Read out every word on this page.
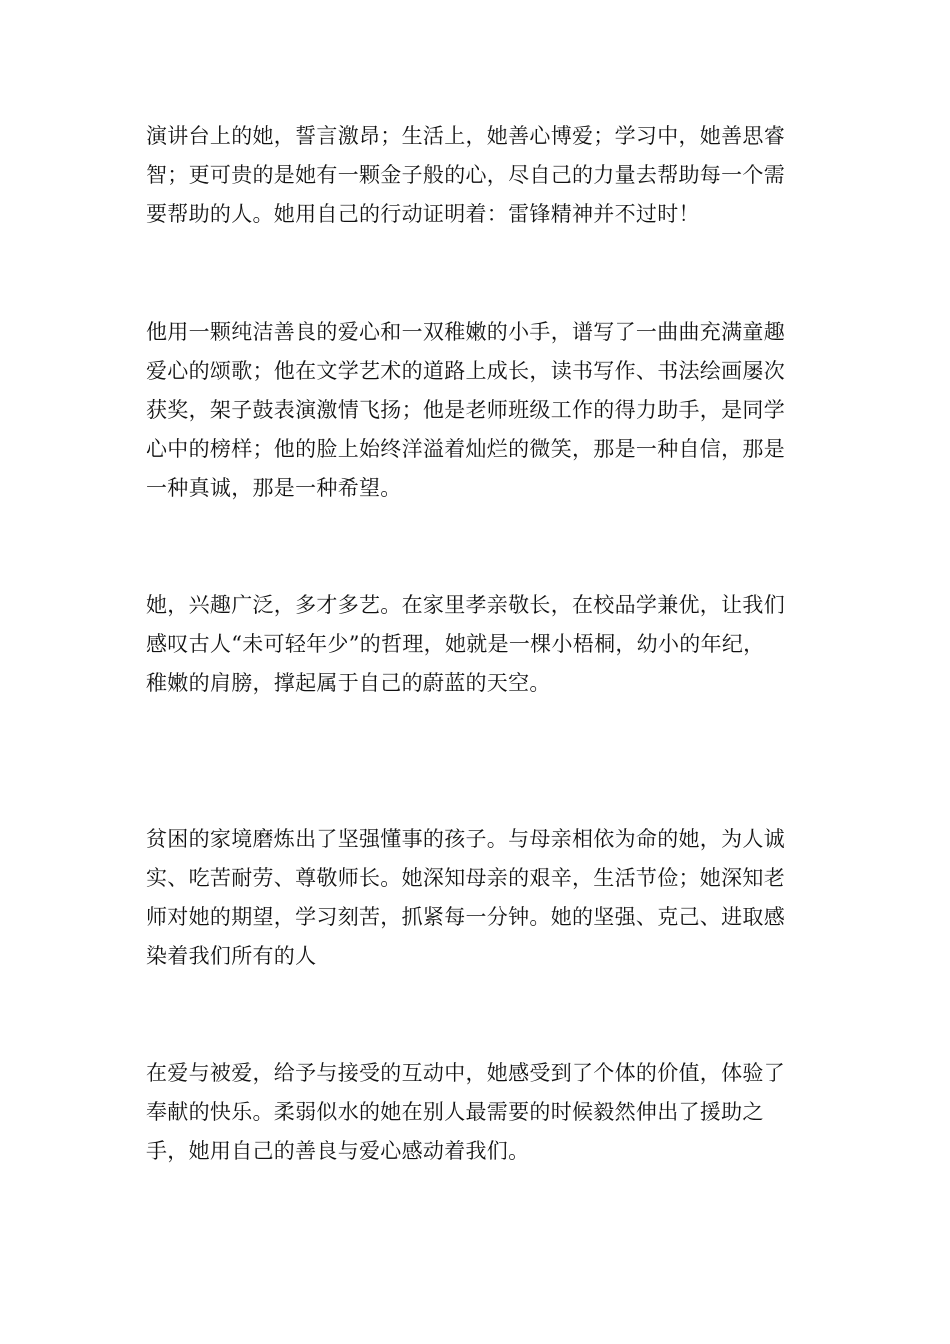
演讲台上的她，誓言激昂；生活上，她善心博爱；学习中，她善思睿
智；更可贵的是她有一颗金子般的心，尽自己的力量去帮助每一个需
要帮助的人。她用自己的行动证明着：雷锋精神并不过时！
他用一颗纯洁善良的爱心和一双稚嫩的小手，谱写了一曲曲充满童趣
爱心的颂歌；他在文学艺术的道路上成长，读书写作、书法绘画屡次
获奖，架子鼓表演激情飞扬；他是老师班级工作的得力助手，是同学
心中的榜样；他的脸上始终洋溢着灿烂的微笑，那是一种自信，那是
一种真诚，那是一种希望。
她，兴趣广泛，多才多艺。在家里孝亲敬长，在校品学兼优，让我们
感叹古人“未可轻年少”的哲理，她就是一棵小梧桐，幼小的年纪，
稚嫩的肩膀，撑起属于自己的蔚蓝的天空。
贫困的家境磨炼出了坚强懂事的孩子。与母亲相依为命的她，为人诚
实、吃苦耐劳、尊敬师长。她深知母亲的艰辛，生活节俭；她深知老
师对她的期望，学习刻苦，抓紧每一分钟。她的坚强、克己、进取感
染着我们所有的人
在爱与被爱，给予与接受的互动中，她感受到了个体的价值，体验了
奉献的快乐。柔弱似水的她在别人最需要的时候毅然伸出了援助之
手，她用自己的善良与爱心感动着我们。
